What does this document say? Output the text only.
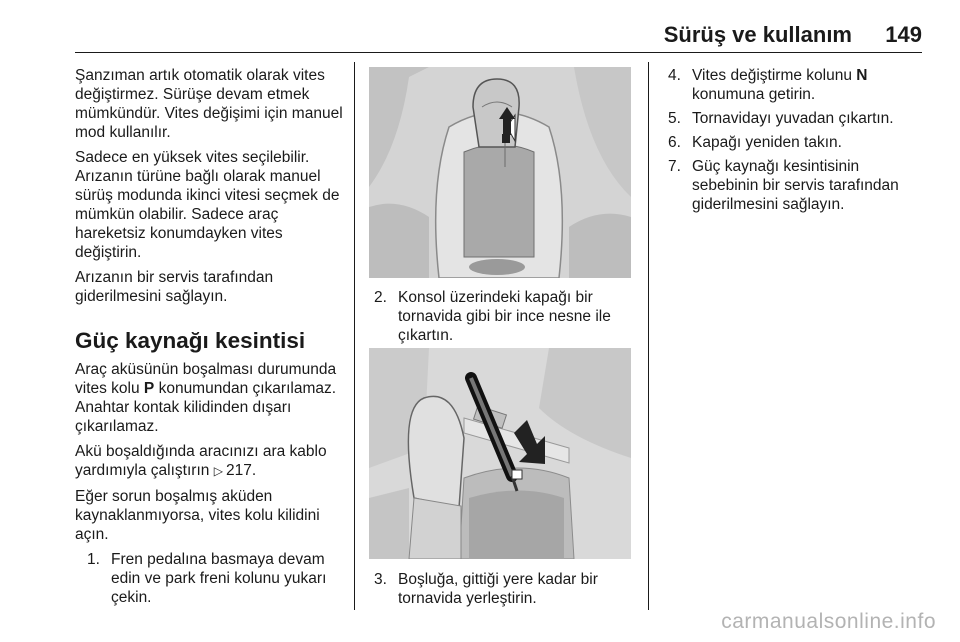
Sürüş ve kullanım 149

Şanzıman artık otomatik olarak vites değiştirmez. Sürüşe devam etmek mümkündür. Vites değişimi için manuel mod kullanılır.

Sadece en yüksek vites seçilebilir. Arızanın türüne bağlı olarak manuel sürüş modunda ikinci vitesi seçmek de mümkün olabilir. Sadece araç hareketsiz konumdayken vites değiştirin.

Arızanın bir servis tarafından giderilmesini sağlayın.

Güç kaynağı kesintisi

Araç aküsünün boşalması durumunda vites kolu P konumundan çıkarılamaz. Anahtar kontak kilidinden dışarı çıkarılamaz.

Akü boşaldığında aracınızı ara kablo yardımıyla çalıştırın ▷  217.

Eğer sorun boşalmış aküden kaynaklanmıyorsa, vites kolu kilidini açın.

1. Fren pedalına basmaya devam edin ve park freni kolunu yukarı çekin.
2. Konsol üzerindeki kapağı bir tornavida gibi bir ince nesne ile çıkartın.
3. Boşluğa, gittiği yere kadar bir tornavida yerleştirin.
4. Vites değiştirme kolunu N konumuna getirin.
5. Tornavidayı yuvadan çıkartın.
6. Kapağı yeniden takın.
7. Güç kaynağı kesintisinin sebebinin bir servis tarafından giderilmesini sağlayın.
carmanualsonline.info
